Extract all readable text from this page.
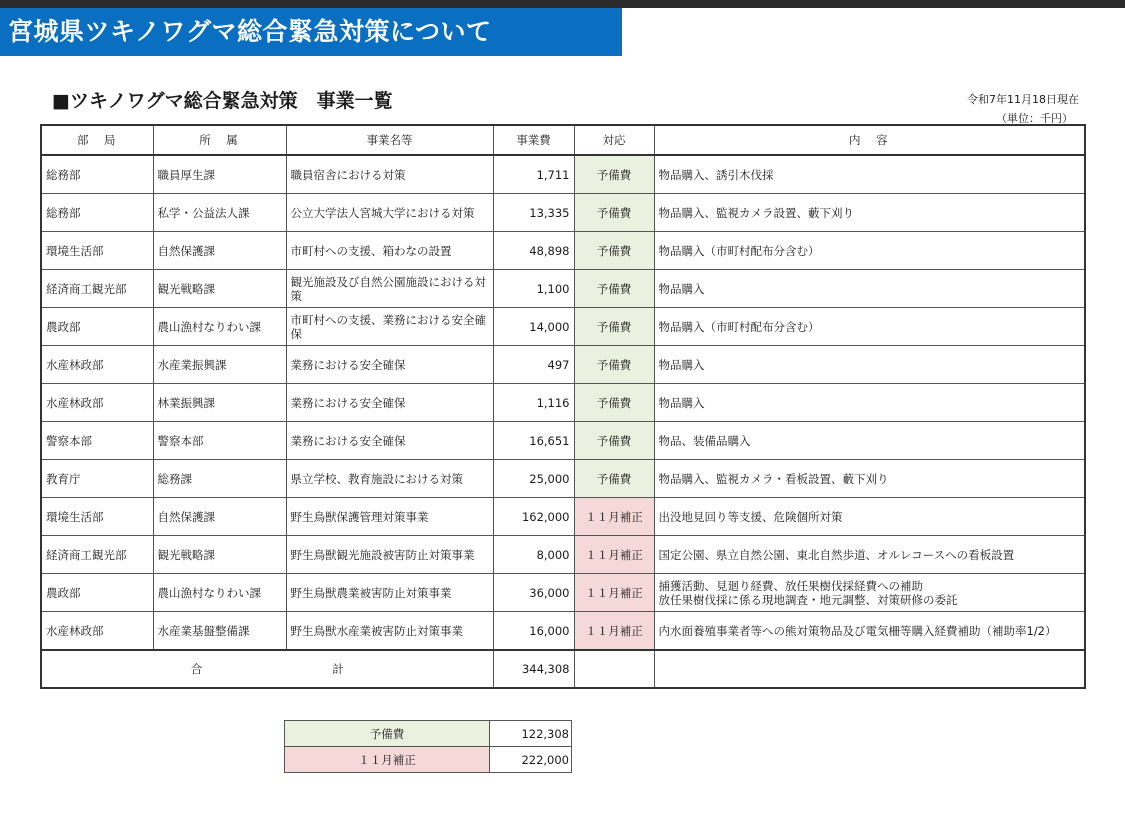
宮城県ツキノワグマ総合緊急対策について
■ツキノワグマ総合緊急対策　事業一覧	令和7年11月18日現在
（単位：千円）
部　局	所　属	事業名等	事業費	対応	内　容
総務部	職員厚生課	職員宿舎における対策	1,711	予備費	物品購入、誘引木伐採
総務部	私学・公益法人課	公立大学法人宮城大学における対策	13,335	予備費	物品購入、監視カメラ設置、藪下刈り
環境生活部	自然保護課	市町村への支援、箱わなの設置	48,898	予備費	物品購入（市町村配布分含む）
経済商工観光部	観光戦略課	観光施設及び自然公園施設における対策	1,100	予備費	物品購入
農政部	農山漁村なりわい課	市町村への支援、業務における安全確保	14,000	予備費	物品購入（市町村配布分含む）
水産林政部	水産業振興課	業務における安全確保	497	予備費	物品購入
水産林政部	林業振興課	業務における安全確保	1,116	予備費	物品購入
警察本部	警察本部	業務における安全確保	16,651	予備費	物品、装備品購入
教育庁	総務課	県立学校、教育施設における対策	25,000	予備費	物品購入、監視カメラ・看板設置、藪下刈り
環境生活部	自然保護課	野生鳥獣保護管理対策事業	162,000	１１月補正	出没地見回り等支援、危険個所対策
経済商工観光部	観光戦略課	野生鳥獣観光施設被害防止対策事業	8,000	１１月補正	国定公園、県立自然公園、東北自然歩道、オルレコースへの看板設置
農政部	農山漁村なりわい課	野生鳥獣農業被害防止対策事業	36,000	１１月補正	捕獲活動、見廻り経費、放任果樹伐採経費への補助
放任果樹伐採に係る現地調査・地元調整、対策研修の委託
水産林政部	水産業基盤整備課	野生鳥獣水産業被害防止対策事業	16,000	１１月補正	内水面養殖事業者等への熊対策物品及び電気柵等購入経費補助（補助率1/2）
合 計			344,308		
予備費	122,308
１１月補正	222,000
